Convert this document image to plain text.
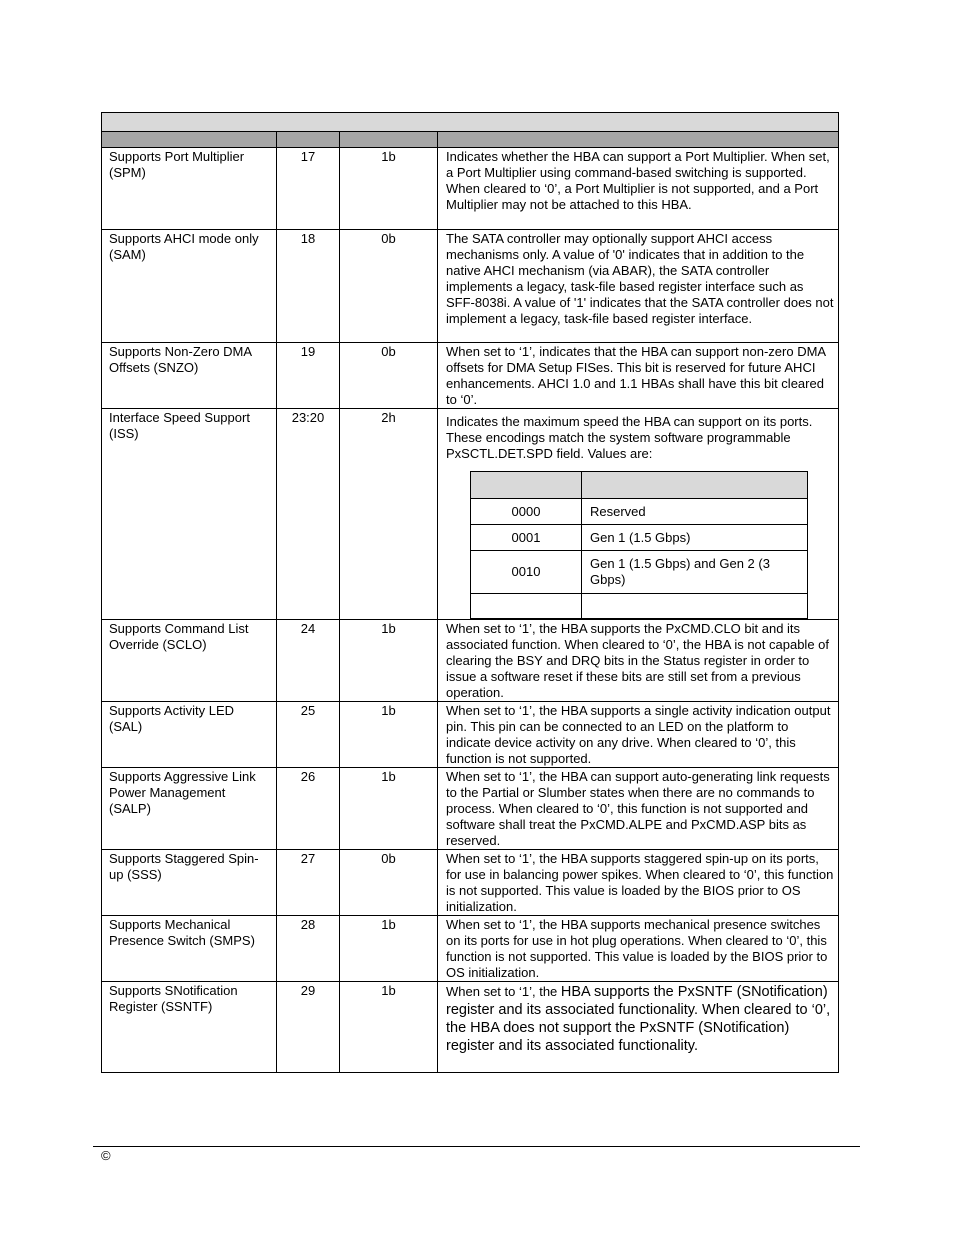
Supports Port Multiplier (SPM)	17	1b	Indicates whether the HBA can support a Port Multiplier. When set, a Port Multiplier using command-based switching is supported. When cleared to ‘0’, a Port Multiplier is not supported, and a Port Multiplier may not be attached to this HBA.
Supports AHCI mode only (SAM)	18	0b	The SATA controller may optionally support AHCI access mechanisms only. A value of '0' indicates that in addition to the native AHCI mechanism (via ABAR), the SATA controller implements a legacy, task-file based register interface such as SFF-8038i. A value of '1' indicates that the SATA controller does not implement a legacy, task-file based register interface.
Supports Non-Zero DMA Offsets (SNZO)	19	0b	When set to ‘1’, indicates that the HBA can support non-zero DMA offsets for DMA Setup FISes. This bit is reserved for future AHCI enhancements. AHCI 1.0 and 1.1 HBAs shall have this bit cleared to ‘0’.
Interface Speed Support (ISS)	23:20	2h	Indicates the maximum speed the HBA can support on its ports. These encodings match the system software programmable PxSCTL.DET.SPD field. Values are:

0000	Reserved
0001	Gen 1 (1.5 Gbps)
0010	Gen 1 (1.5 Gbps) and Gen 2 (3 Gbps)

Supports Command List Override (SCLO)	24	1b	When set to ‘1’, the HBA supports the PxCMD.CLO bit and its associated function. When cleared to ‘0’, the HBA is not capable of clearing the BSY and DRQ bits in the Status register in order to issue a software reset if these bits are still set from a previous operation.
Supports Activity LED (SAL)	25	1b	When set to ‘1’, the HBA supports a single activity indication output pin. This pin can be connected to an LED on the platform to indicate device activity on any drive. When cleared to ‘0’, this function is not supported.
Supports Aggressive Link Power Management (SALP)	26	1b	When set to ‘1’, the HBA can support auto-generating link requests to the Partial or Slumber states when there are no commands to process. When cleared to ‘0’, this function is not supported and software shall treat the PxCMD.ALPE and PxCMD.ASP bits as reserved.
Supports Staggered Spin-up (SSS)	27	0b	When set to ‘1’, the HBA supports staggered spin-up on its ports, for use in balancing power spikes. When cleared to ‘0’, this function is not supported. This value is loaded by the BIOS prior to OS initialization.
Supports Mechanical Presence Switch (SMPS)	28	1b	When set to ‘1’, the HBA supports mechanical presence switches on its ports for use in hot plug operations. When cleared to ‘0’, this function is not supported. This value is loaded by the BIOS prior to OS initialization.
Supports SNotification Register (SSNTF)	29	1b	When set to ‘1’, the HBA supports the PxSNTF (SNotification) register and its associated functionality. When cleared to ‘0’, the HBA does not support the PxSNTF (SNotification) register and its associated functionality.
©
